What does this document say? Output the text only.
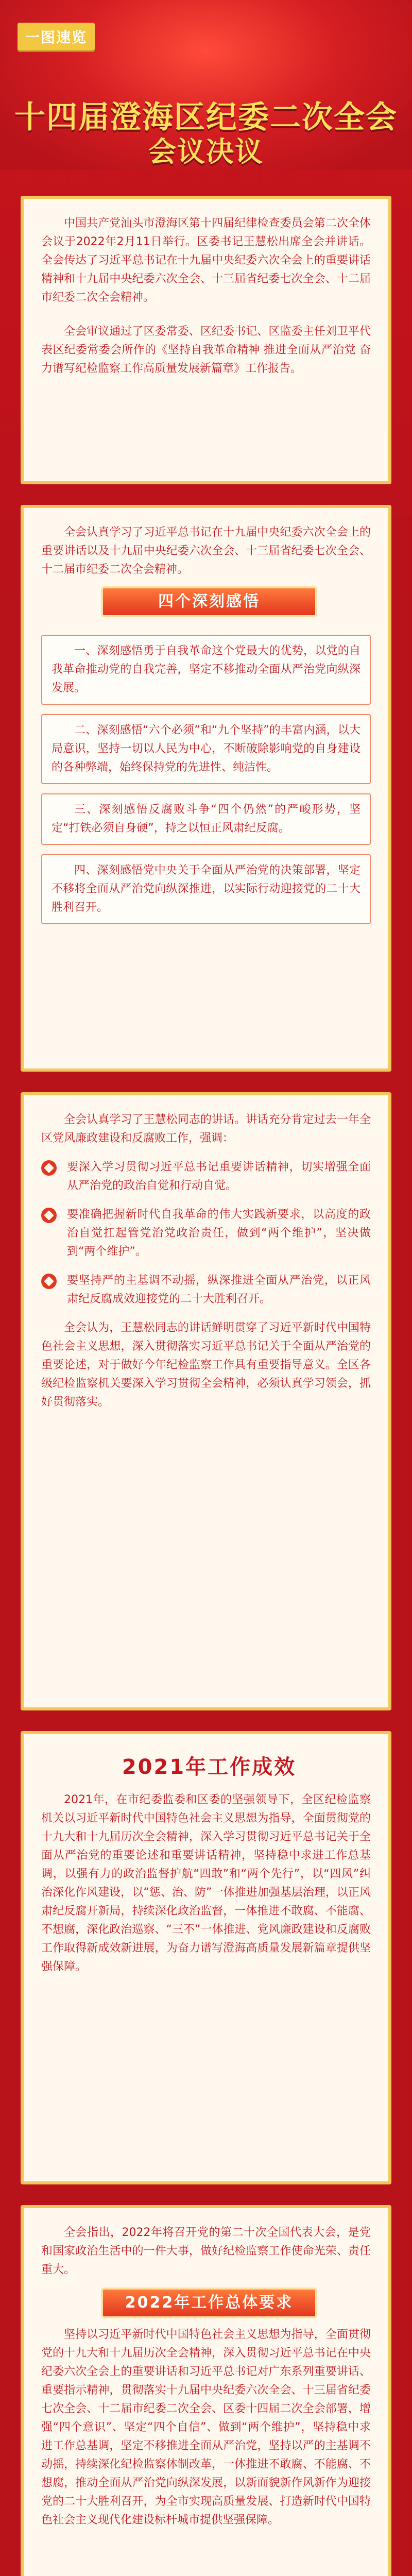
一图速览
十四届澄海区纪委二次全会
会议决议

中国共产党汕头市澄海区第十四届纪律检查委员会第二次全体会议于2022年2月11日举行。区委书记王慧松出席全会并讲话。全会传达了习近平总书记在十九届中央纪委六次全会上的重要讲话精神和十九届中央纪委六次全会、十三届省纪委七次全会、十二届市纪委二次全会精神。

全会审议通过了区委常委、区纪委书记、区监委主任刘卫平代表区纪委常委会所作的《坚持自我革命精神 推进全面从严治党 奋力谱写纪检监察工作高质量发展新篇章》工作报告。

全会认真学习了习近平总书记在十九届中央纪委六次全会上的重要讲话以及十九届中央纪委六次全会、十三届省纪委七次全会、十二届市纪委二次全会精神。

四个深刻感悟
一、深刻感悟勇于自我革命这个党最大的优势，以党的自我革命推动党的自我完善，坚定不移推动全面从严治党向纵深发展。
二、深刻感悟“六个必须”和“九个坚持”的丰富内涵，以大局意识，坚持一切以人民为中心，不断破除影响党的自身建设的各种弊端，始终保持党的先进性、纯洁性。
三、深刻感悟反腐败斗争“四个仍然”的严峻形势，坚定“打铁必须自身硬”，持之以恒正风肃纪反腐。
四、深刻感悟党中央关于全面从严治党的决策部署，坚定不移将全面从严治党向纵深推进，以实际行动迎接党的二十大胜利召开。

全会认真学习了王慧松同志的讲话。讲话充分肯定过去一年全区党风廉政建设和反腐败工作，强调：

要深入学习贯彻习近平总书记重要讲话精神，切实增强全面从严治党的政治自觉和行动自觉。
要准确把握新时代自我革命的伟大实践新要求，以高度的政治自觉扛起管党治党政治责任，做到“两个维护”，坚决做到“两个维护”。
要坚持严的主基调不动摇，纵深推进全面从严治党，以正风肃纪反腐成效迎接党的二十大胜利召开。

全会认为，王慧松同志的讲话鲜明贯穿了习近平新时代中国特色社会主义思想，深入贯彻落实习近平总书记关于全面从严治党的重要论述，对于做好今年纪检监察工作具有重要指导意义。全区各级纪检监察机关要深入学习贯彻全会精神，必须认真学习领会，抓好贯彻落实。

2021年工作成效

2021年，在市纪委监委和区委的坚强领导下，全区纪检监察机关以习近平新时代中国特色社会主义思想为指导，全面贯彻党的十九大和十九届历次全会精神，深入学习贯彻习近平总书记关于全面从严治党的重要论述和重要讲话精神，坚持稳中求进工作总基调，以强有力的政治监督护航“四敢”和“两个先行”，以“四风”纠治深化作风建设，以“惩、治、防”一体推进加强基层治理，以正风肃纪反腐开新局，持续深化政治监督，一体推进不敢腐、不能腐、不想腐，深化政治巡察、“三不”一体推进、党风廉政建设和反腐败工作取得新成效新进展，为奋力谱写澄海高质量发展新篇章提供坚强保障。

全会指出，2022年将召开党的第二十次全国代表大会，是党和国家政治生活中的一件大事，做好纪检监察工作使命光荣、责任重大。

2022年工作总体要求

坚持以习近平新时代中国特色社会主义思想为指导，全面贯彻党的十九大和十九届历次全会精神，深入贯彻习近平总书记在中央纪委六次全会上的重要讲话和习近平总书记对广东系列重要讲话、重要指示精神，贯彻落实十九届中央纪委六次全会、十三届省纪委七次全会、十二届市纪委二次全会、区委十四届二次全会部署，增强“四个意识”、坚定“四个自信”、做到“两个维护”，坚持稳中求进工作总基调，坚定不移推进全面从严治党，坚持以严的主基调不动摇，持续深化纪检监察体制改革，一体推进不敢腐、不能腐、不想腐，推动全面从严治党向纵深发展，以新面貌新作风新作为迎接党的二十大胜利召开，为全市实现高质量发展、打造新时代中国特色社会主义现代化建设标杆城市提供坚强保障。
